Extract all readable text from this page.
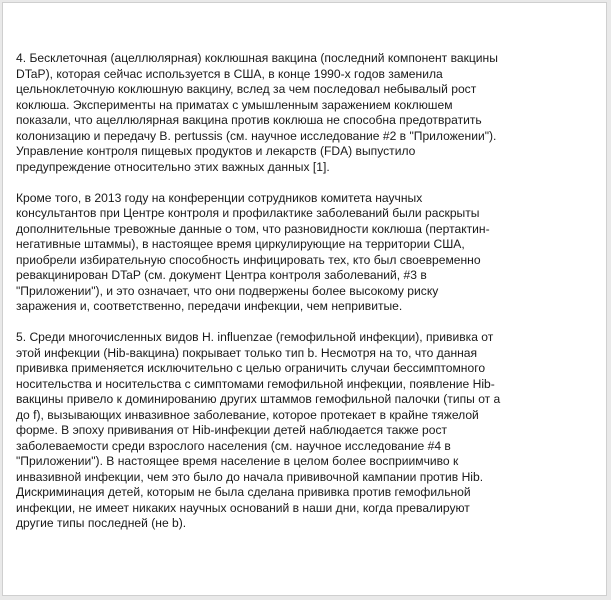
4. Бесклеточная (ацеллюлярная) коклюшная вакцина (последний компонент вакцины
DTaP), которая сейчас используется в США, в конце 1990-х годов заменила
цельноклеточную коклюшную вакцину, вслед за чем последовал небывалый рост
коклюша. Эксперименты на приматах с умышленным заражением коклюшем
показали, что ацеллюлярная вакцина против коклюша не способна предотвратить
колонизацию и передачу B. pertussis (см. научное исследование #2 в "Приложении").
Управление контроля пищевых продуктов и лекарств (FDA) выпустило
предупреждение относительно этих важных данных [1].

Кроме того, в 2013 году на конференции сотрудников комитета научных
консультантов при Центре контроля и профилактике заболеваний были раскрыты
дополнительные тревожные данные о том, что разновидности коклюша (пертактин-
негативные штаммы), в настоящее время циркулирующие на территории США,
приобрели избирательную способность инфицировать тех, кто был своевременно
ревакцинирован DTaP (см. документ Центра контроля заболеваний, #3 в
"Приложении"), и это означает, что они подвержены более высокому риску
заражения и, соответственно, передачи инфекции, чем непривитые.

5. Среди многочисленных видов H. influenzae (гемофильной инфекции), прививка от
этой инфекции (Hib-вакцина) покрывает только тип b. Несмотря на то, что данная
прививка применяется исключительно с целью ограничить случаи бессимптомного
носительства и носительства с симптомами гемофильной инфекции, появление Hib-
вакцины привело к доминированию других штаммов гемофильной палочки (типы от a
до f), вызывающих инвазивное заболевание, которое протекает в крайне тяжелой
форме. В эпоху прививания от Hib-инфекции детей наблюдается также рост
заболеваемости среди взрослого населения (см. научное исследование #4 в
"Приложении"). В настоящее время население в целом более восприимчиво к
инвазивной инфекции, чем это было до начала прививочной кампании против Hib.
Дискриминация детей, которым не была сделана прививка против гемофильной
инфекции, не имеет никаких научных оснований в наши дни, когда превалируют
другие типы последней (не b).
